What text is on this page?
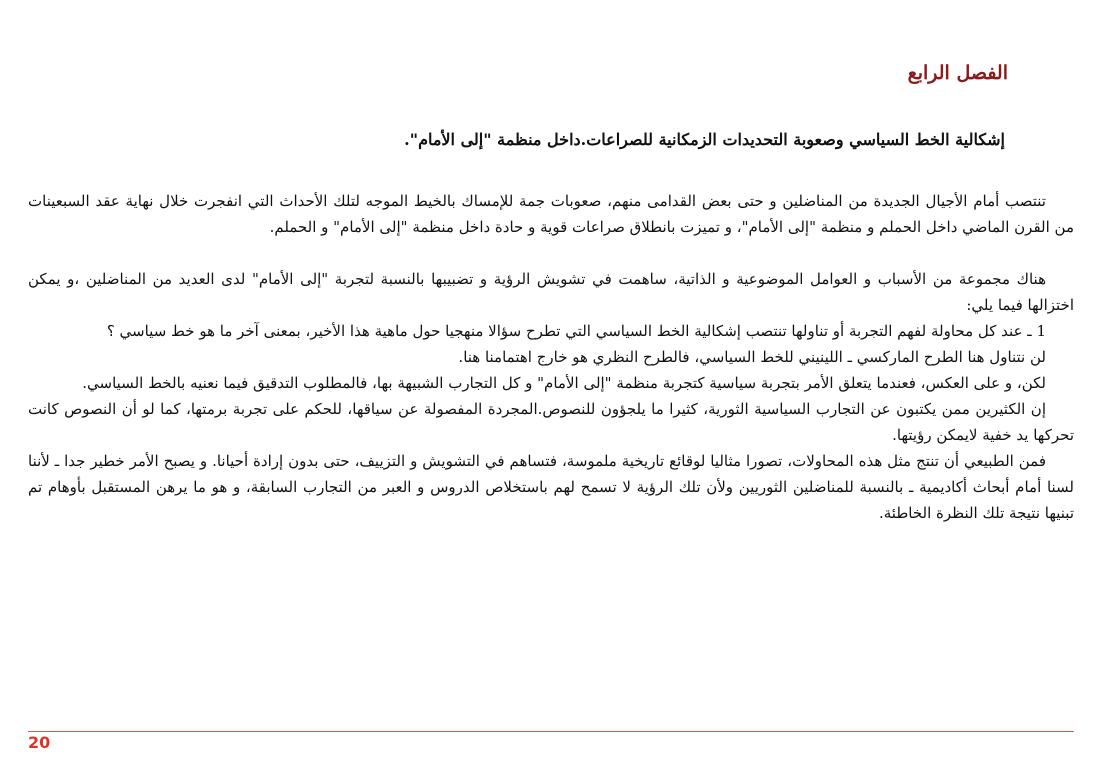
الفصل الرابع
إشكالية الخط السياسي وصعوبة التحديدات الزمكانية للصراعات.داخل منظمة "إلى الأمام".

تنتصب أمام الأجيال الجديدة من المناضلين و حتى بعض القدامى منهم، صعوبات جمة للإمساك بالخيط الموجه لتلك الأحداث التي انفجرت خلال نهاية عقد السبعينات من القرن الماضي داخل الحملم و منظمة "إلى الأمام"، و تميزت بانطلاق صراعات قوية و حادة داخل منظمة "إلى الأمام" و الحملم.

هناك مجموعة من الأسباب و العوامل الموضوعية و الذاتية، ساهمت في تشويش الرؤية و تضبيبها بالنسبة لتجربة "إلى الأمام" لدى العديد من المناضلين ،و يمكن اختزالها فيما يلي:

1 ـ عند كل محاولة لفهم التجربة أو تناولها تنتصب إشكالية الخط السياسي التي تطرح سؤالا منهجيا حول ماهية هذا الأخير، بمعنى آخر ما هو خط سياسي ؟

لن نتناول هنا الطرح الماركسي ـ اللينيني للخط السياسي، فالطرح النظري هو خارج اهتمامنا هنا.

لكن، و على العكس، فعندما يتعلق الأمر بتجربة سياسية كتجربة منظمة "إلى الأمام" و كل التجارب الشبيهة بها، فالمطلوب التدقيق فيما نعنيه بالخط السياسي.

إن الكثيرين ممن يكتبون عن التجارب السياسية الثورية، كثيرا ما يلجؤون للنصوص.المجردة المفصولة عن سياقها، للحكم على تجربة برمتها، كما لو أن النصوص كانت تحركها يد خفية لايمكن رؤيتها.

فمن الطبيعي أن تنتج مثل هذه المحاولات، تصورا مثاليا لوقائع تاريخية ملموسة، فتساهم في التشويش و التزييف، حتى بدون إرادة أحيانا. و يصبح الأمر خطير جدا ـ لأننا لسنا أمام أبحاث أكاديمية ـ بالنسبة للمناضلين الثوريين ولأن تلك الرؤية لا تسمح لهم باستخلاص الدروس و العبر من التجارب السابقة، و هو ما يرهن المستقبل بأوهام تم تبنيها نتيجة تلك النظرة الخاطئة.

20
